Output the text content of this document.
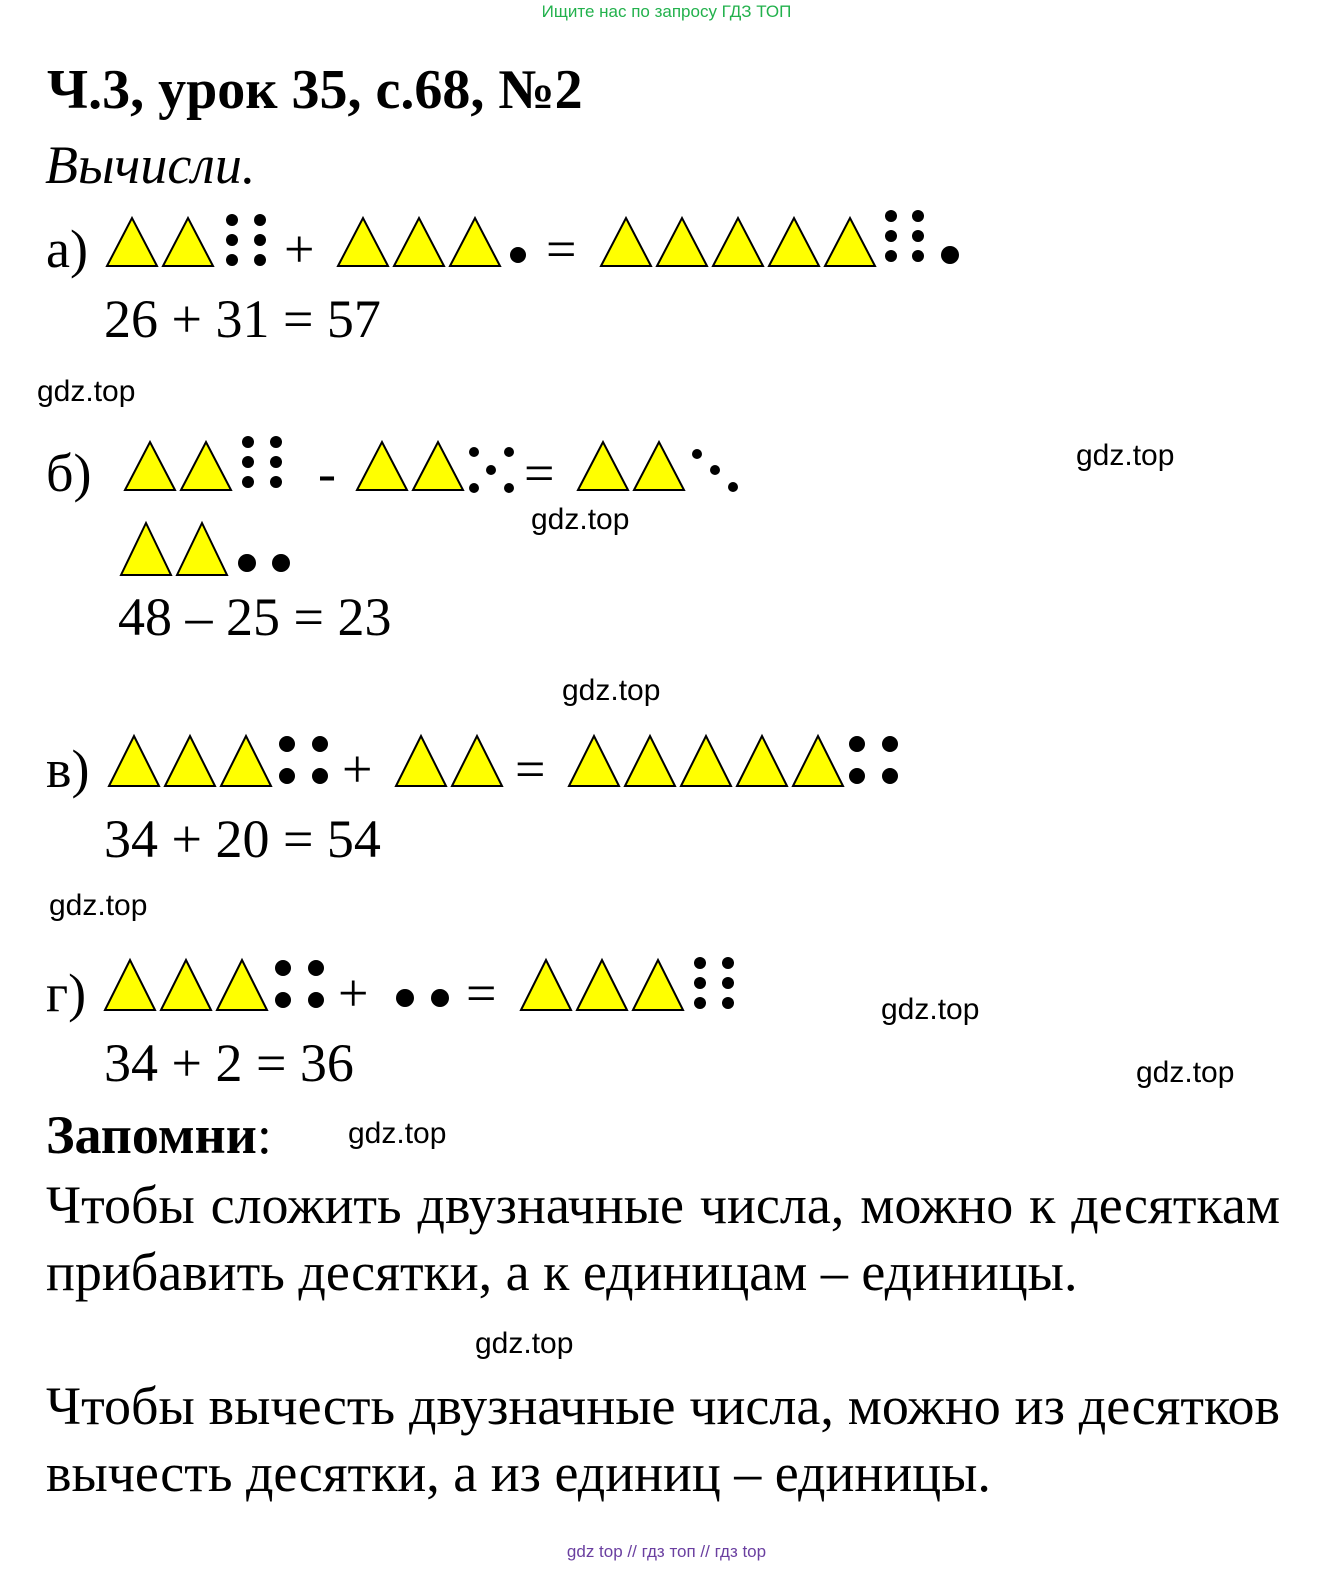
Ищите нас по запросу ГДЗ ТОП
Ч.3, урок 35, с.68, №2
Вычисли.
а)
б)
в)
г)
+	=
-	=
+	=
+ =
26 + 31 = 57
48 – 25 = 23
34 + 20 = 54
34 + 2 = 36
gdz.top
gdz.top
gdz.top
gdz.top
gdz.top
gdz.top
gdz.top
gdz.top
gdz.top
Запомни:
Чтобы сложить двузначные числа, можно к десяткам прибавить десятки, а к единицам – единицы.
Чтобы вычесть двузначные числа, можно из десятков вычесть десятки, а из единиц – единицы.
gdz top // гдз топ // гдз top
